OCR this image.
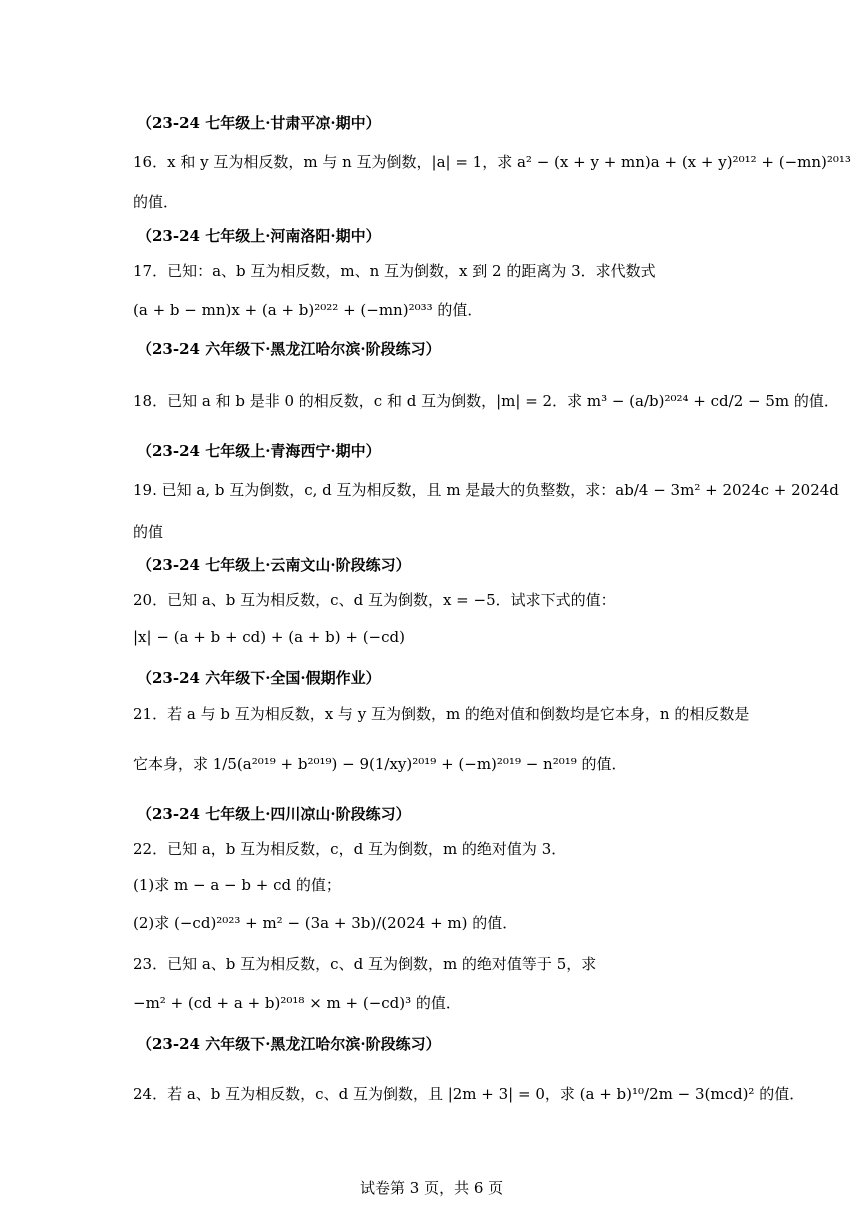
（23-24 七年级上·甘肃平凉·期中）
16．x 和 y 互为相反数，m 与 n 互为倒数，|a| = 1，求 a² − (x + y + mn)a + (x + y)²⁰¹² + (−mn)²⁰¹³
的值．
（23-24 七年级上·河南洛阳·期中）
17．已知：a、b 互为相反数，m、n 互为倒数，x 到 2 的距离为 3．求代数式
(a + b − mn)x + (a + b)²⁰²² + (−mn)²⁰³³ 的值．
（23-24 六年级下·黑龙江哈尔滨·阶段练习）
18．已知 a 和 b 是非 0 的相反数，c 和 d 互为倒数，|m| = 2．求 m³ − (a/b)²⁰²⁴ + cd/2 − 5m 的值．
（23-24 七年级上·青海西宁·期中）
19. 已知 a, b 互为倒数，c, d 互为相反数，且 m 是最大的负整数，求：ab/4 − 3m² + 2024c + 2024d
的值
（23-24 七年级上·云南文山·阶段练习）
20．已知 a、b 互为相反数，c、d 互为倒数，x = −5．试求下式的值：
|x| − (a + b + cd) + (a + b) + (−cd)
（23-24 六年级下·全国·假期作业）
21．若 a 与 b 互为相反数，x 与 y 互为倒数，m 的绝对值和倒数均是它本身，n 的相反数是
它本身，求 1/5(a²⁰¹⁹ + b²⁰¹⁹) − 9(1/xy)²⁰¹⁹ + (−m)²⁰¹⁹ − n²⁰¹⁹ 的值．
（23-24 七年级上·四川凉山·阶段练习）
22．已知 a，b 互为相反数，c，d 互为倒数，m 的绝对值为 3．
(1)求 m − a − b + cd 的值；
(2)求 (−cd)²⁰²³ + m² − (3a + 3b)/(2024 + m) 的值．
23．已知 a、b 互为相反数，c、d 互为倒数，m 的绝对值等于 5，求
−m² + (cd + a + b)²⁰¹⁸ × m + (−cd)³ 的值．
（23-24 六年级下·黑龙江哈尔滨·阶段练习）
24．若 a、b 互为相反数，c、d 互为倒数，且 |2m + 3| = 0，求 (a + b)¹⁰/2m − 3(mcd)² 的值．
试卷第 3 页，共 6 页
